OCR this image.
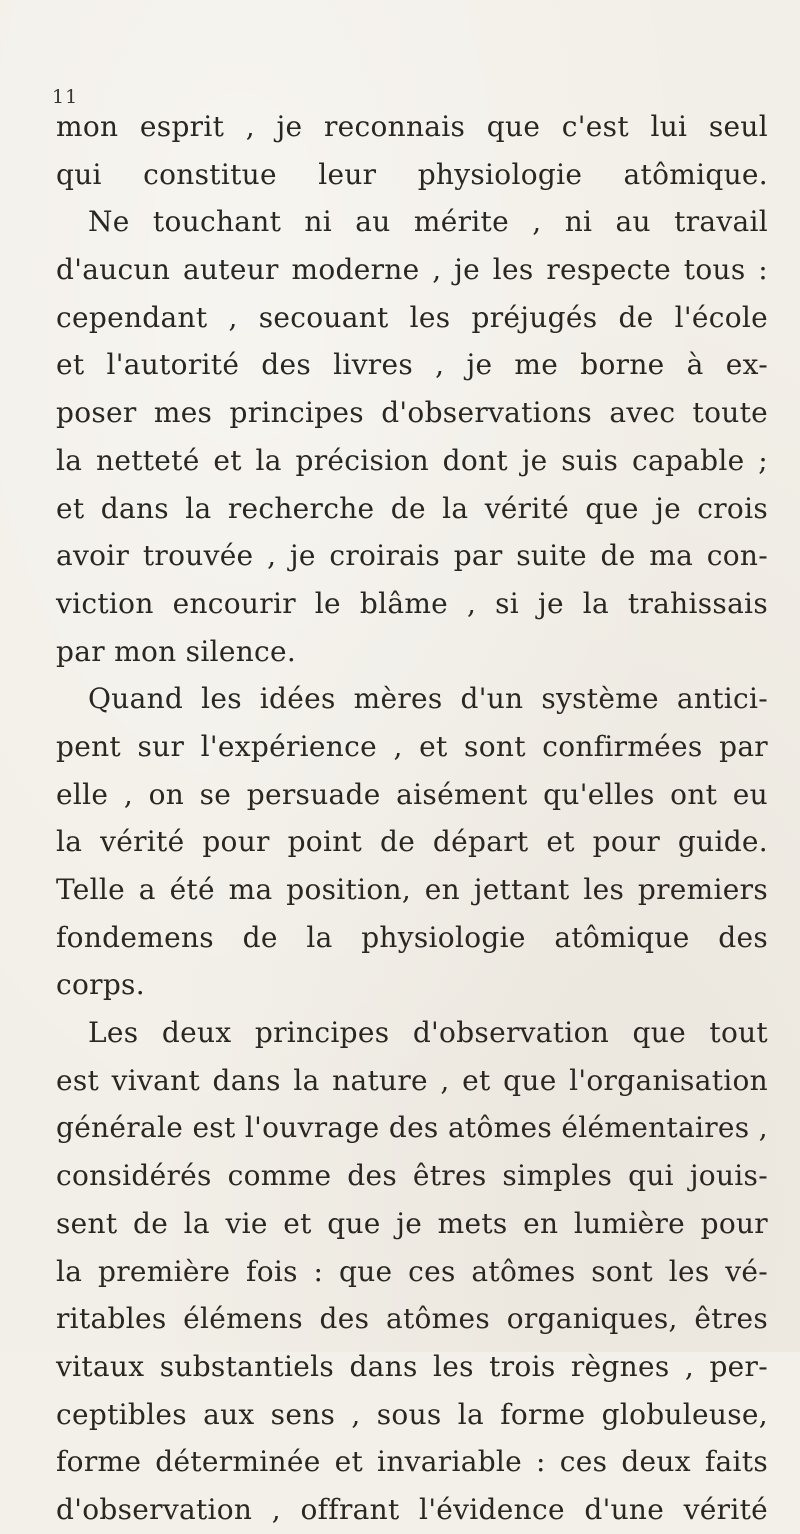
11
mon esprit , je reconnais que c'est lui seul
qui constitue leur physiologie atômique.
Ne touchant ni au mérite , ni au travail
d'aucun auteur moderne , je les respecte tous :
cependant , secouant les préjugés de l'école
et l'autorité des livres , je me borne à ex-
poser mes principes d'observations avec toute
la netteté et la précision dont je suis capable ;
et dans la recherche de la vérité que je crois
avoir trouvée , je croirais par suite de ma con-
viction encourir le blâme , si je la trahissais
par mon silence.
Quand les idées mères d'un système antici-
pent sur l'expérience , et sont confirmées par
elle , on se persuade aisément qu'elles ont eu
la vérité pour point de départ et pour guide.
Telle a été ma position, en jettant les premiers
fondemens de la physiologie atômique des
corps.
Les deux principes d'observation que tout
est vivant dans la nature , et que l'organisation
générale est l'ouvrage des atômes élémentaires ,
considérés comme des êtres simples qui jouis-
sent de la vie et que je mets en lumière pour
la première fois : que ces atômes sont les vé-
ritables élémens des atômes organiques, êtres
vitaux substantiels dans les trois règnes , per-
ceptibles aux sens , sous la forme globuleuse,
forme déterminée et invariable : ces deux faits
d'observation , offrant l'évidence d'une vérité
